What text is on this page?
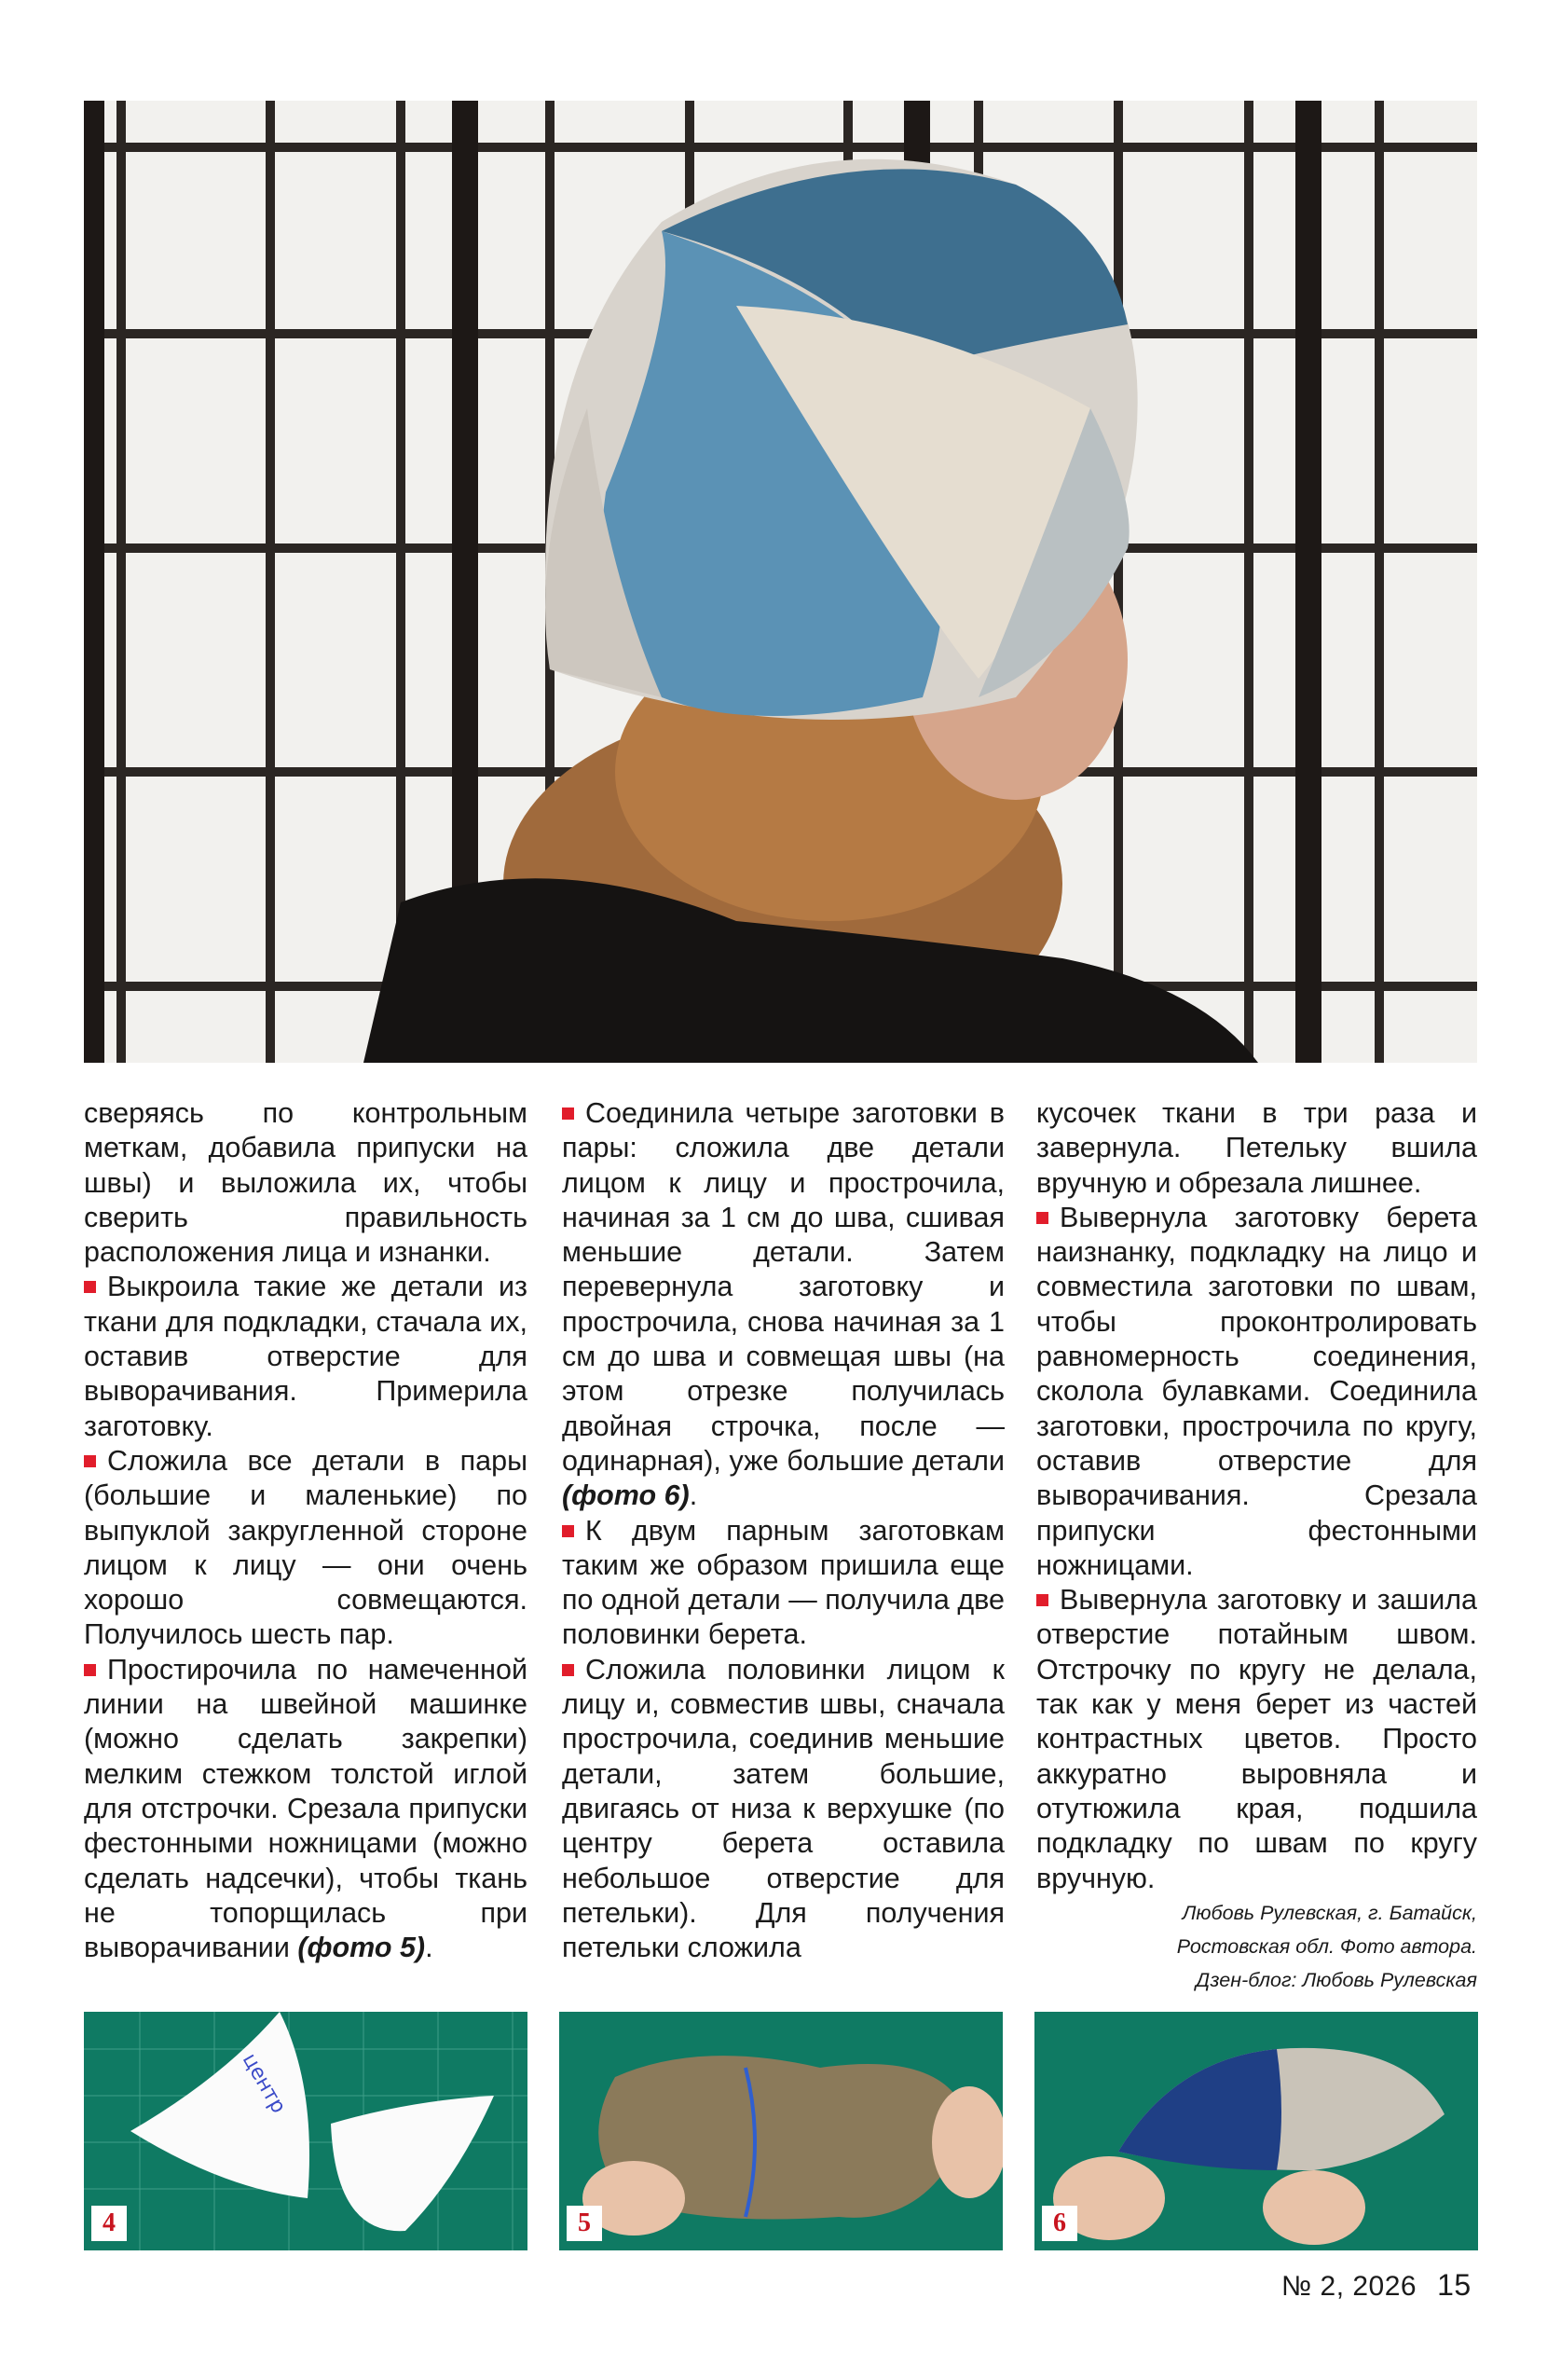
сверяясь по контрольным меткам, добавила припуски на швы) и выложила их, чтобы сверить правильность расположения лица и изнанки.

Выкроила такие же детали из ткани для подкладки, стачала их, оставив отверстие для выворачивания. Примерила заготовку.

Сложила все детали в пары (большие и маленькие) по выпуклой закругленной стороне лицом к лицу — они очень хорошо совмещаются. Получилось шесть пар.

Простирочила по намеченной линии на швейной машинке (можно сделать закрепки) мелким стежком толстой иглой для отстрочки. Срезала припуски фестонными ножницами (можно сделать надсечки), чтобы ткань не топорщилась при выворачивании (фото 5).

Соединила четыре заготовки в пары: сложила две детали лицом к лицу и прострочила, начиная за 1 см до шва, сшивая меньшие детали. Затем перевернула заготовку и прострочила, снова начиная за 1 см до шва и совмещая швы (на этом отрезке получилась двойная строчка, после — одинарная), уже большие детали (фото 6).

К двум парным заготовкам таким же образом пришила еще по одной детали — получила две половинки берета.

Сложила половинки лицом к лицу и, совместив швы, сначала прострочила, соединив меньшие детали, затем большие, двигаясь от низа к верхушке (по центру берета оставила небольшое отверстие для петельки). Для получения петельки сложила

кусочек ткани в три раза и завернула. Петельку вшила вручную и обрезала лишнее.

Вывернула заготовку берета наизнанку, подкладку на лицо и совместила заготовки по швам, чтобы проконтролировать равномерность соединения, сколола булавками. Соединила заготовки, прострочила по кругу, оставив отверстие для выворачивания. Срезала припуски фестонными ножницами.

Вывернула заготовку и зашила отверстие потайным швом. Отстрочку по кругу не делала, так как у меня берет из частей контрастных цветов. Просто аккуратно выровняла и отутюжила края, подшила подкладку по швам по кругу вручную.

Любовь Рулевская, г. Батайск,
Ростовская обл. Фото автора.
Дзен-блог: Любовь Рулевская
центр
4	5	6
№ 2, 2026 15
